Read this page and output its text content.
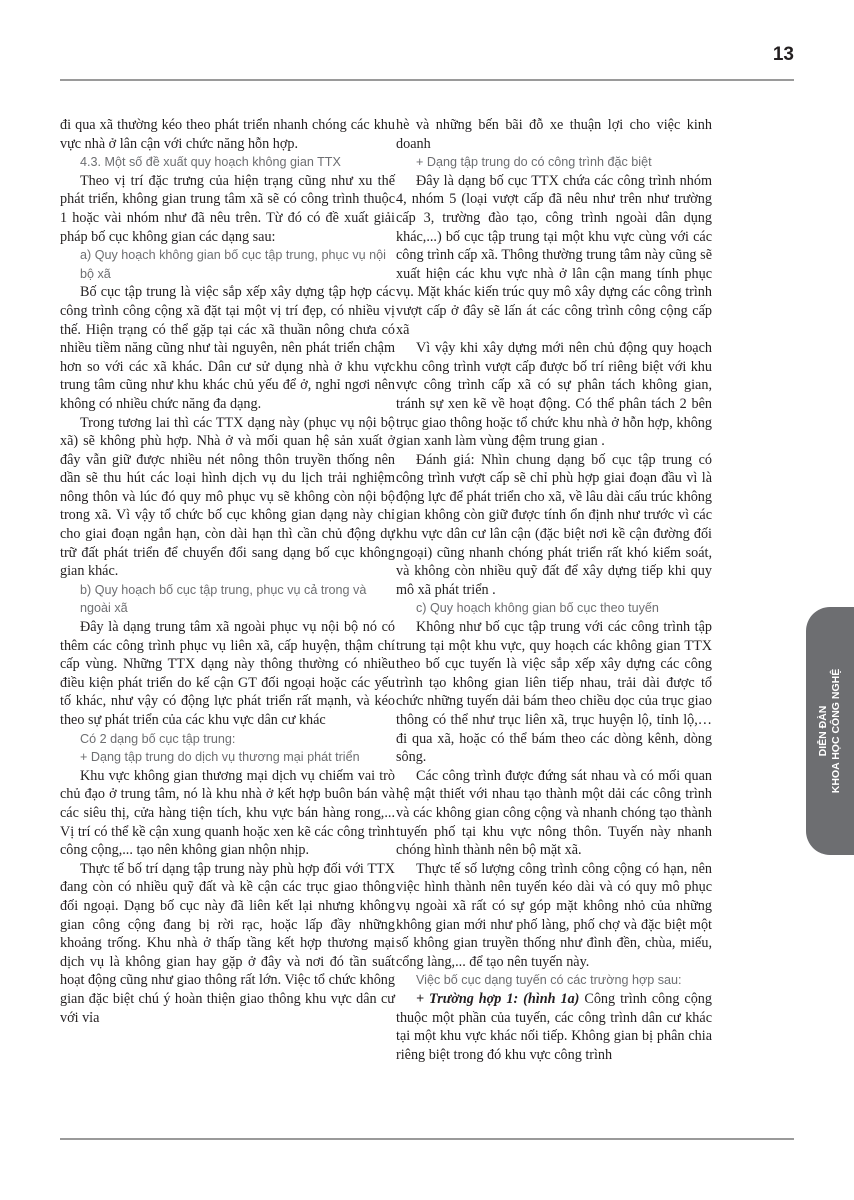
13

đi qua xã thường kéo theo phát triển nhanh chóng các khu vực nhà ở lân cận với chức năng hỗn hợp.

4.3. Một số đề xuất quy hoạch không gian TTX

Theo vị trí đặc trưng của hiện trạng cũng như xu thế phát triển, không gian trung tâm xã sẽ có công trình thuộc 1 hoặc vài nhóm như đã nêu trên. Từ đó có đề xuất giải pháp bố cục không gian các dạng sau:

a) Quy hoạch không gian bố cục tập trung, phục vụ nội bộ xã

Bố cục tập trung là việc sắp xếp xây dựng tập hợp các công trình công cộng xã đặt tại một vị trí đẹp, có nhiều vị thế. Hiện trạng có thể gặp tại các xã thuần nông chưa có nhiều tiềm năng cũng như tài nguyên, nên phát triển chậm hơn so với các xã khác. Dân cư sử dụng nhà ở khu vực trung tâm cũng như khu khác chủ yếu để ở, nghỉ ngơi nên không có nhiều chức năng đa dạng.

Trong tương lai thì các TTX dạng này (phục vụ nội bộ xã) sẽ không phù hợp. Nhà ở và mối quan hệ sản xuất ở đây vẫn giữ được nhiều nét nông thôn truyền thống nên dần sẽ thu hút các loại hình dịch vụ du lịch trải nghiệm nông thôn và lúc đó quy mô phục vụ sẽ không còn nội bộ trong xã. Vì vậy tổ chức bố cục không gian dạng này chỉ cho giai đoạn ngắn hạn, còn dài hạn thì cần chủ động dự trữ đất phát triển để chuyển đổi sang dạng bố cục không gian khác.

b) Quy hoạch bố cục tập trung, phục vụ cả trong và ngoài xã

Đây là dạng trung tâm xã ngoài phục vụ nội bộ nó có thêm các công trình phục vụ liên xã, cấp huyện, thậm chí cấp vùng. Những TTX dạng này thông thường có nhiều điều kiện phát triển do kế cận GT đối ngoại hoặc các yếu tố khác, như vậy có động lực phát triển rất mạnh, và kéo theo sự phát triển của các khu vực dân cư khác

Có 2 dạng bố cục tập trung:

+ Dạng tập trung do dịch vụ thương mại phát triển

Khu vực không gian thương mại dịch vụ chiếm vai trò chủ đạo ở trung tâm, nó là khu nhà ở kết hợp buôn bán và các siêu thị, cửa hàng tiện tích, khu vực bán hàng rong,... Vị trí có thể kề cận xung quanh hoặc xen kẽ các công trình công cộng,... tạo nên không gian nhộn nhịp.

Thực tế bố trí dạng tập trung này phù hợp đối với TTX đang còn có nhiều quỹ đất và kề cận các trục giao thông đối ngoại. Dạng bố cục này đã liên kết lại nhưng không gian công cộng đang bị rời rạc, hoặc lấp đầy những khoảng trống. Khu nhà ở thấp tầng kết hợp thương mại dịch vụ là không gian hay gặp ở đây và nơi đó tần suất hoạt động cũng như giao thông rất lớn. Việc tổ chức không gian đặc biệt chú ý hoàn thiện giao thông khu vực dân cư với vỉa

hè và những bến bãi đỗ xe thuận lợi cho việc kinh doanh

+ Dạng tập trung do có công trình đặc biệt

Đây là dạng bố cục TTX chứa các công trình nhóm 4, nhóm 5 (loại vượt cấp đã nêu như trên như trường cấp 3, trường đào tạo, công trình ngoài dân dụng khác,...) bố cục tập trung tại một khu vực cùng với các công trình cấp xã. Thông thường trung tâm này cũng sẽ xuất hiện các khu vực nhà ở lân cận mang tính phục vụ. Mặt khác kiến trúc quy mô xây dựng các công trình vượt cấp ở đây sẽ lấn át các công trình công cộng cấp xã

Vì vậy khi xây dựng mới nên chủ động quy hoạch khu công trình vượt cấp được bố trí riêng biệt với khu vực công trình cấp xã có sự phân tách không gian, tránh sự xen kẽ về hoạt động. Có thể phân tách 2 bên trục giao thông hoặc tổ chức khu nhà ở hỗn hợp, không gian xanh làm vùng đệm trung gian .

Đánh giá: Nhìn chung dạng bố cục tập trung có công trình vượt cấp sẽ chỉ phù hợp giai đoạn đầu vì là động lực để phát triển cho xã, về lâu dài cấu trúc không gian không còn giữ được tính ổn định như trước vì các khu vực dân cư lân cận (đặc biệt nơi kề cận đường đối ngoại) cũng nhanh chóng phát triển rất khó kiểm soát, và không còn nhiều quỹ đất để xây dựng tiếp khi quy mô xã phát triển .

c) Quy hoạch không gian bố cục theo tuyến

Không như bố cục tập trung với các công trình tập trung tại một khu vực, quy hoạch các không gian TTX theo bố cục tuyến là việc sắp xếp xây dựng các công trình tạo không gian liên tiếp nhau, trải dài được tổ chức những tuyến dải bám theo chiều dọc của trục giao thông có thể như trục liên xã, trục huyện lộ, tỉnh lộ,… đi qua xã, hoặc có thể bám theo các dòng kênh, dòng sông.

Các công trình được đứng sát nhau và có mối quan hệ mật thiết với nhau tạo thành một dải các công trình và các không gian công cộng và nhanh chóng tạo thành tuyến phố tại khu vực nông thôn. Tuyến này nhanh chóng hình thành nên bộ mặt xã.

Thực tế số lượng công trình công cộng có hạn, nên việc hình thành nên tuyến kéo dài và có quy mô phục vụ ngoài xã rất có sự góp mặt không nhỏ của những không gian mới như phố làng, phố chợ và đặc biệt một số không gian truyền thống như đình đền, chùa, miếu, cổng làng,... để tạo nên tuyến này.

Việc bố cục dạng tuyến có các trường hợp sau:

+ Trường hợp 1: (hình 1a) Công trình công cộng thuộc một phần của tuyến, các công trình dân cư khác tại một khu vực khác nối tiếp. Không gian bị phân chia riêng biệt trong đó khu vực công trình

DIỄN ĐÀN KHOA HỌC CÔNG NGHỆ
